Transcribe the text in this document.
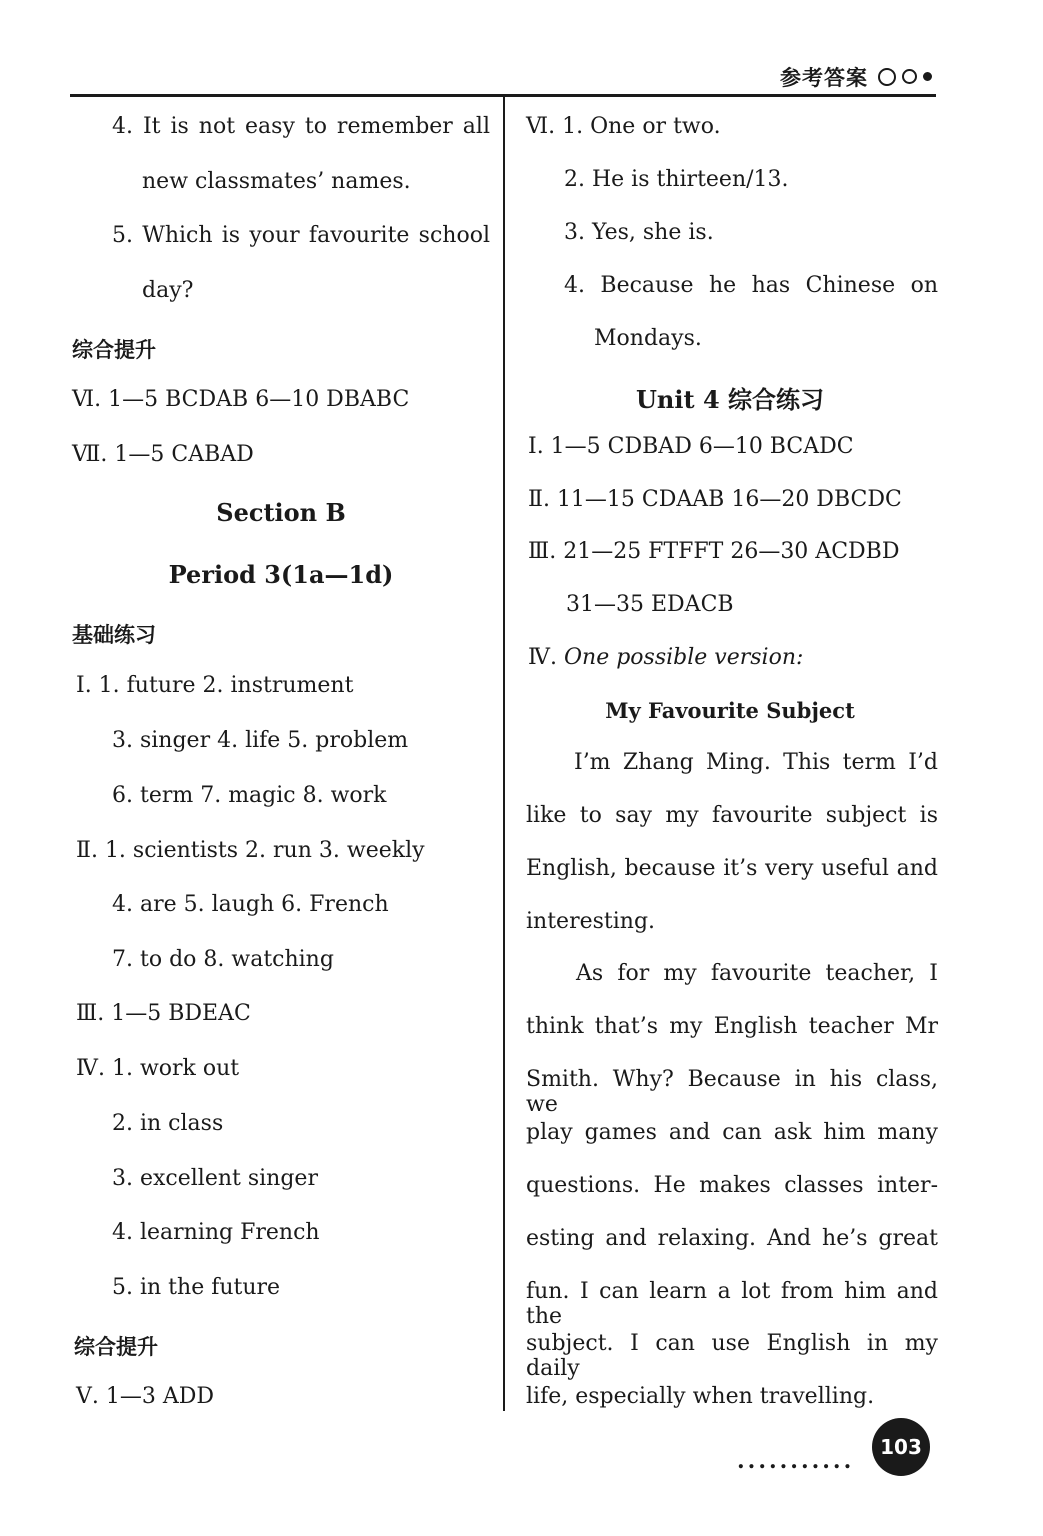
参考答案

4. It is not easy to remember all

new classmates’ names.

5. Which is your favourite school

day?

综合提升

Ⅵ. 1—5 BCDAB 6—10 DBABC

Ⅶ. 1—5 CABAD

Section B

Period 3(1a—1d)

基础练习

Ⅰ. 1. future 2. instrument

3. singer 4. life 5. problem

6. term 7. magic 8. work

Ⅱ. 1. scientists 2. run 3. weekly

4. are 5. laugh 6. French

7. to do 8. watching

Ⅲ. 1—5 BDEAC

Ⅳ. 1. work out

2. in class

3. excellent singer

4. learning French

5. in the future

综合提升

Ⅴ. 1—3 ADD

Ⅵ. 1. One or two.

2. He is thirteen/13.

3. Yes, she is.

4. Because he has Chinese on

Mondays.

Unit 4 综合练习

Ⅰ. 1—5 CDBAD 6—10 BCADC

Ⅱ. 11—15 CDAAB 16—20 DBCDC

Ⅲ. 21—25 FTFFT 26—30 ACDBD

31—35 EDACB

Ⅳ. One possible version:

My Favourite Subject

I’m Zhang Ming. This term I’d

like to say my favourite subject is

English, because it’s very useful and

interesting.

As for my favourite teacher, I

think that’s my English teacher Mr

Smith. Why? Because in his class, we

play games and can ask him many

questions. He makes classes inter-

esting and relaxing. And he’s great

fun. I can learn a lot from him and the

subject. I can use English in my daily

life, especially when travelling.

...........
103
